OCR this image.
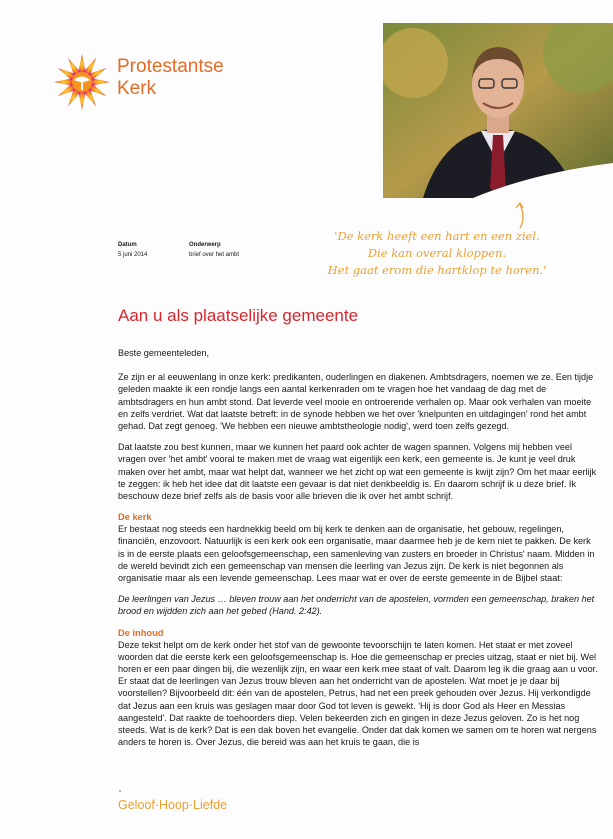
Protestantse
Kerk
'De kerk heeft een hart en een ziel.
Die kan overal kloppen.
Het gaat erom die hartklop te horen.'
Datum
5 juni 2014
Onderwerp
brief over het ambt
Aan u als plaatselijke gemeente

Beste gemeenteleden,

Ze zijn er al eeuwenlang in onze kerk: predikanten, ouderlingen en diakenen. Ambtsdragers, noemen we ze. Een tijdje geleden maakte ik een rondje langs een aantal kerkenraden om te vragen hoe het vandaag de dag met de ambtsdragers en hun ambt stond. Dat leverde veel mooie en ontroerende verhalen op. Maar ook verhalen van moeite en zelfs verdriet. Wat dat laatste betreft: in de synode hebben we het over 'knelpunten en uitdagingen' rond het ambt gehad. Dat zegt genoeg. 'We hebben een nieuwe ambtstheologie nodig', werd toen zelfs gezegd.

Dat laatste zou best kunnen, maar we kunnen het paard ook achter de wagen spannen. Volgens mij hebben veel vragen over 'het ambt' vooral te maken met de vraag wat eigenlijk een kerk, een gemeente is. Je kunt je veel druk maken over het ambt, maar wat helpt dat, wanneer we het zicht op wat een gemeente is kwijt zijn? Om het maar eerlijk te zeggen: ik heb het idee dat dit laatste een gevaar is dat niet denkbeeldig is. En daarom schrijf ik u deze brief. Ik beschouw deze brief zelfs als de basis voor alle brieven die ik over het ambt schrijf.

De kerk

Er bestaat nog steeds een hardnekkig beeld om bij kerk te denken aan de organisatie, het gebouw, regelingen, financiën, enzovoort. Natuurlijk is een kerk ook een organisatie, maar daarmee heb je de kern niet te pakken. De kerk is in de eerste plaats een geloofsgemeenschap, een samenleving van zusters en broeder in Christus' naam. Midden in de wereld bevindt zich een gemeenschap van mensen die leerling van Jezus zijn. De kerk is niet begonnen als organisatie maar als een levende gemeenschap. Lees maar wat er over de eerste gemeente in de Bijbel staat:

De leerlingen van Jezus … bleven trouw aan het onderricht van de apostelen, vormden een gemeenschap, braken het brood en wijdden zich aan het gebed (Hand. 2:42).

De inhoud

Deze tekst helpt om de kerk onder het stof van de gewoonte tevoorschijn te laten komen. Het staat er met zoveel woorden dat die eerste kerk een geloofsgemeenschap is. Hoe die gemeenschap er precies uitzag, staat er niet bij. Wel horen er een paar dingen bij, die wezenlijk zijn, en waar een kerk mee staat of valt. Daarom leg ik die graag aan u voor. Er staat dat de leerlingen van Jezus trouw bleven aan het onderricht van de apostelen. Wat moet je je daar bij voorstellen? Bijvoorbeeld dit: één van de apostelen, Petrus, had net een preek gehouden over Jezus. Hij verkondigde dat Jezus aan een kruis was geslagen maar door God tot leven is gewekt. 'Hij is door God als Heer en Messias aangesteld'. Dat raakte de toehoorders diep. Velen bekeerden zich en gingen in deze Jezus geloven. Zo is het nog steeds. Wat is de kerk? Dat is een dak boven het evangelie. Onder dat dak komen we samen om te horen wat nergens anders te horen is. Over Jezus, die bereid was aan het kruis te gaan, die is

Geloof·Hoop·Liefde
